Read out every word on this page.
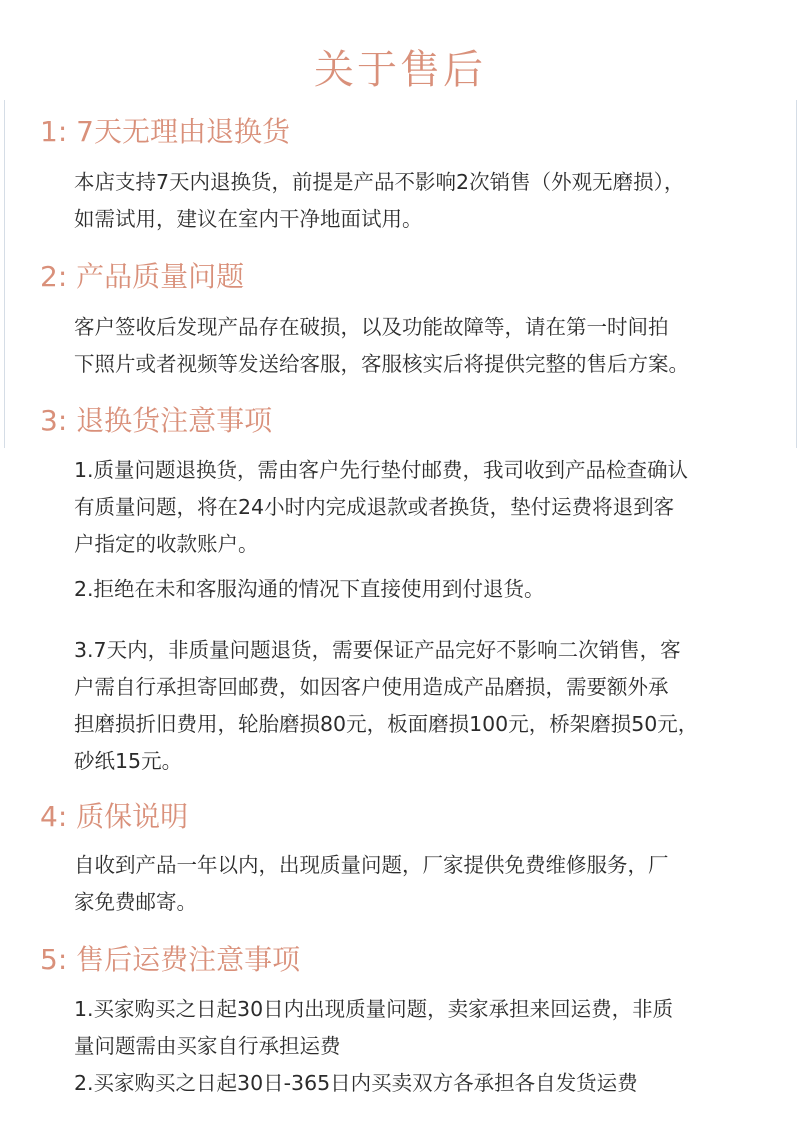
关于售后
1: 7天无理由退换货
本店支持7天内退换货，前提是产品不影响2次销售（外观无磨损），
如需试用，建议在室内干净地面试用。
2: 产品质量问题
客户签收后发现产品存在破损，以及功能故障等，请在第一时间拍
下照片或者视频等发送给客服，客服核实后将提供完整的售后方案。
3: 退换货注意事项
1.质量问题退换货，需由客户先行垫付邮费，我司收到产品检查确认
有质量问题，将在24小时内完成退款或者换货，垫付运费将退到客
户指定的收款账户。
2.拒绝在未和客服沟通的情况下直接使用到付退货。
3.7天内，非质量问题退货，需要保证产品完好不影响二次销售，客
户需自行承担寄回邮费，如因客户使用造成产品磨损，需要额外承
担磨损折旧费用，轮胎磨损80元，板面磨损100元，桥架磨损50元，
砂纸15元。
4: 质保说明
自收到产品一年以内，出现质量问题，厂家提供免费维修服务，厂
家免费邮寄。
5: 售后运费注意事项
1.买家购买之日起30日内出现质量问题，卖家承担来回运费，非质
量问题需由买家自行承担运费
2.买家购买之日起30日-365日内买卖双方各承担各自发货运费
